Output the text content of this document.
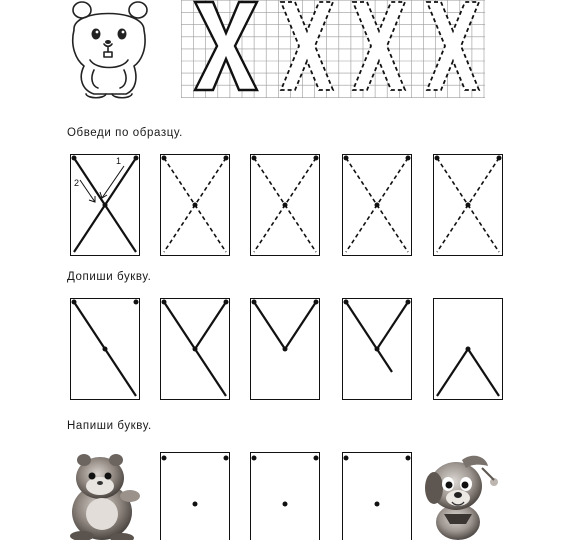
Обведи по образцу.
1
2
Допиши букву.
Напиши букву.
